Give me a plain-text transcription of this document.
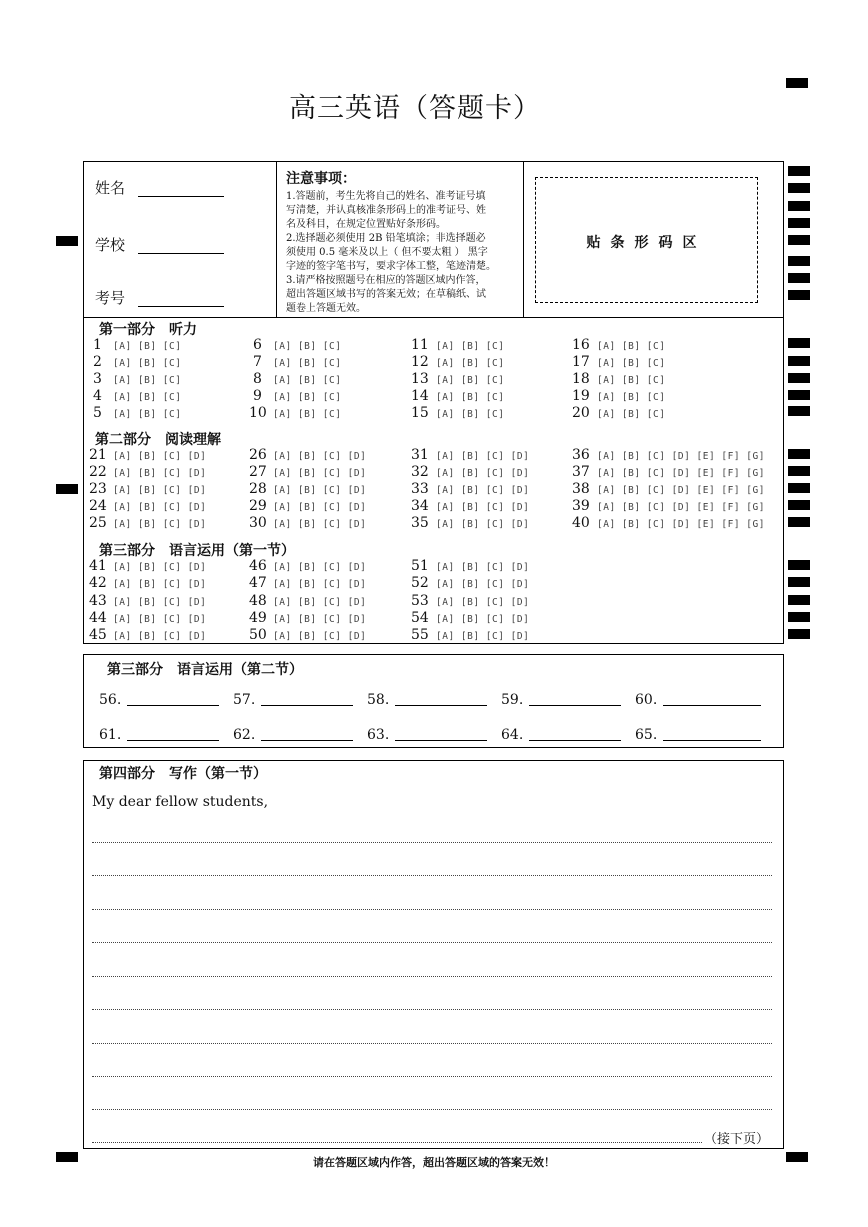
高三英语（答题卡）
姓名
学校
考号
注意事项：
1.答题前，考生先将自己的姓名、准考证号填
写清楚，并认真核准条形码上的准考证号、姓
名及科目，在规定位置贴好条形码。
2.选择题必须使用 2B 铅笔填涂；非选择题必
须使用 0.5 毫米及以上（ 但不要太粗 ） 黑字
字迹的签字笔书写，要求字体工整，笔迹清楚。
3.请严格按照题号在相应的答题区域内作答，
超出答题区域书写的答案无效；在草稿纸、试
题卷上答题无效。
贴条形码区
第一部分　听力
1 [A] [B] [C]
2 [A] [B] [C]
3 [A] [B] [C]
4 [A] [B] [C]
5 [A] [B] [C]
6 [A] [B] [C]
7 [A] [B] [C]
8 [A] [B] [C]
9 [A] [B] [C]
10 [A] [B] [C]
11 [A] [B] [C]
12 [A] [B] [C]
13 [A] [B] [C]
14 [A] [B] [C]
15 [A] [B] [C]
16 [A] [B] [C]
17 [A] [B] [C]
18 [A] [B] [C]
19 [A] [B] [C]
20 [A] [B] [C]
第二部分　阅读理解
21 [A] [B] [C] [D]
22 [A] [B] [C] [D]
23 [A] [B] [C] [D]
24 [A] [B] [C] [D]
25 [A] [B] [C] [D]
26 [A] [B] [C] [D]
27 [A] [B] [C] [D]
28 [A] [B] [C] [D]
29 [A] [B] [C] [D]
30 [A] [B] [C] [D]
31 [A] [B] [C] [D]
32 [A] [B] [C] [D]
33 [A] [B] [C] [D]
34 [A] [B] [C] [D]
35 [A] [B] [C] [D]
36 [A] [B] [C] [D] [E] [F] [G]
37 [A] [B] [C] [D] [E] [F] [G]
38 [A] [B] [C] [D] [E] [F] [G]
39 [A] [B] [C] [D] [E] [F] [G]
40 [A] [B] [C] [D] [E] [F] [G]
第三部分　语言运用（第一节）
41 [A] [B] [C] [D]
42 [A] [B] [C] [D]
43 [A] [B] [C] [D]
44 [A] [B] [C] [D]
45 [A] [B] [C] [D]
46 [A] [B] [C] [D]
47 [A] [B] [C] [D]
48 [A] [B] [C] [D]
49 [A] [B] [C] [D]
50 [A] [B] [C] [D]
51 [A] [B] [C] [D]
52 [A] [B] [C] [D]
53 [A] [B] [C] [D]
54 [A] [B] [C] [D]
55 [A] [B] [C] [D]
第三部分　语言运用（第二节）
56.	57.	58.	59.	60.
61.	62.	63.	64.	65.
第四部分　写作（第一节）
My dear fellow students,
（接下页）
请在答题区域内作答，超出答题区域的答案无效！
